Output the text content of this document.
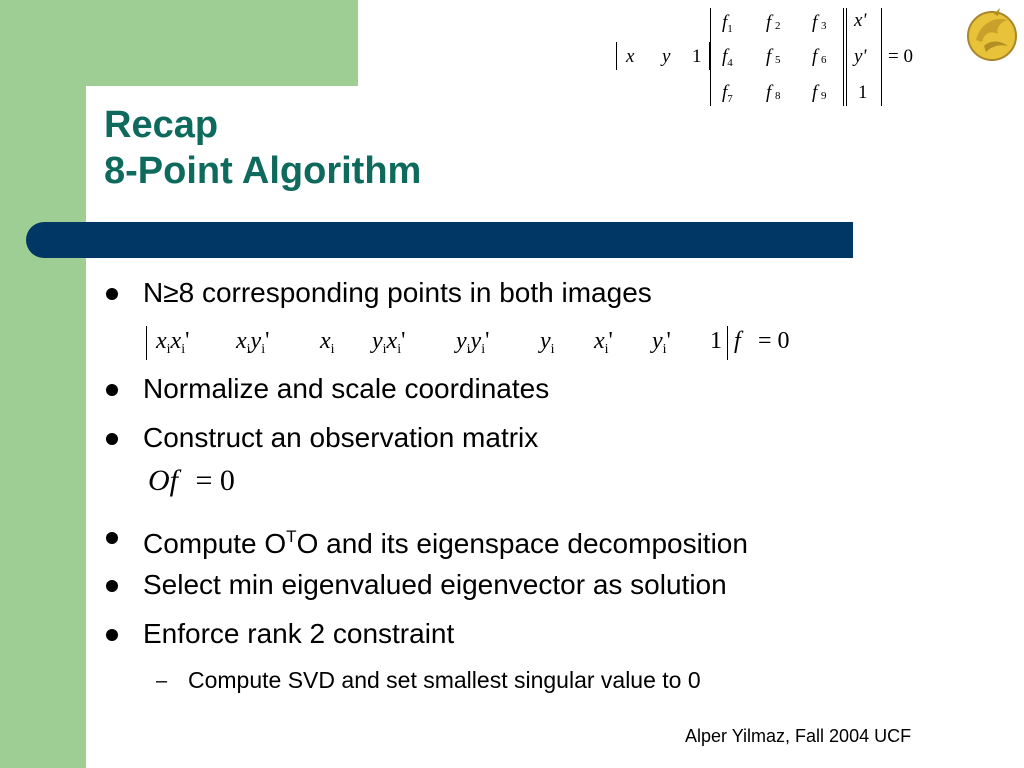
Recap
8-Point Algorithm
x y 1
$f_1$ f 2 f 3
$f_4$ f 5 f 6
$f_7$ f 8 f 9
x'
y'
1
= 0
N≥8 corresponding points in both images
$x_ix_i'$ $x_iy_i'$ $x_i$ $y_ix_i'$ $y_iy_i'$ $y_i$ $x_i'$ $y_i'$ 1 f = 0
Normalize and scale coordinates
Construct an observation matrix
Of = 0
Compute $O^TO$ and its eigenspace decomposition
Select min eigenvalued eigenvector as solution
Enforce rank 2 constraint
– Compute SVD and set smallest singular value to 0
Alper Yilmaz, Fall 2004 UCF
